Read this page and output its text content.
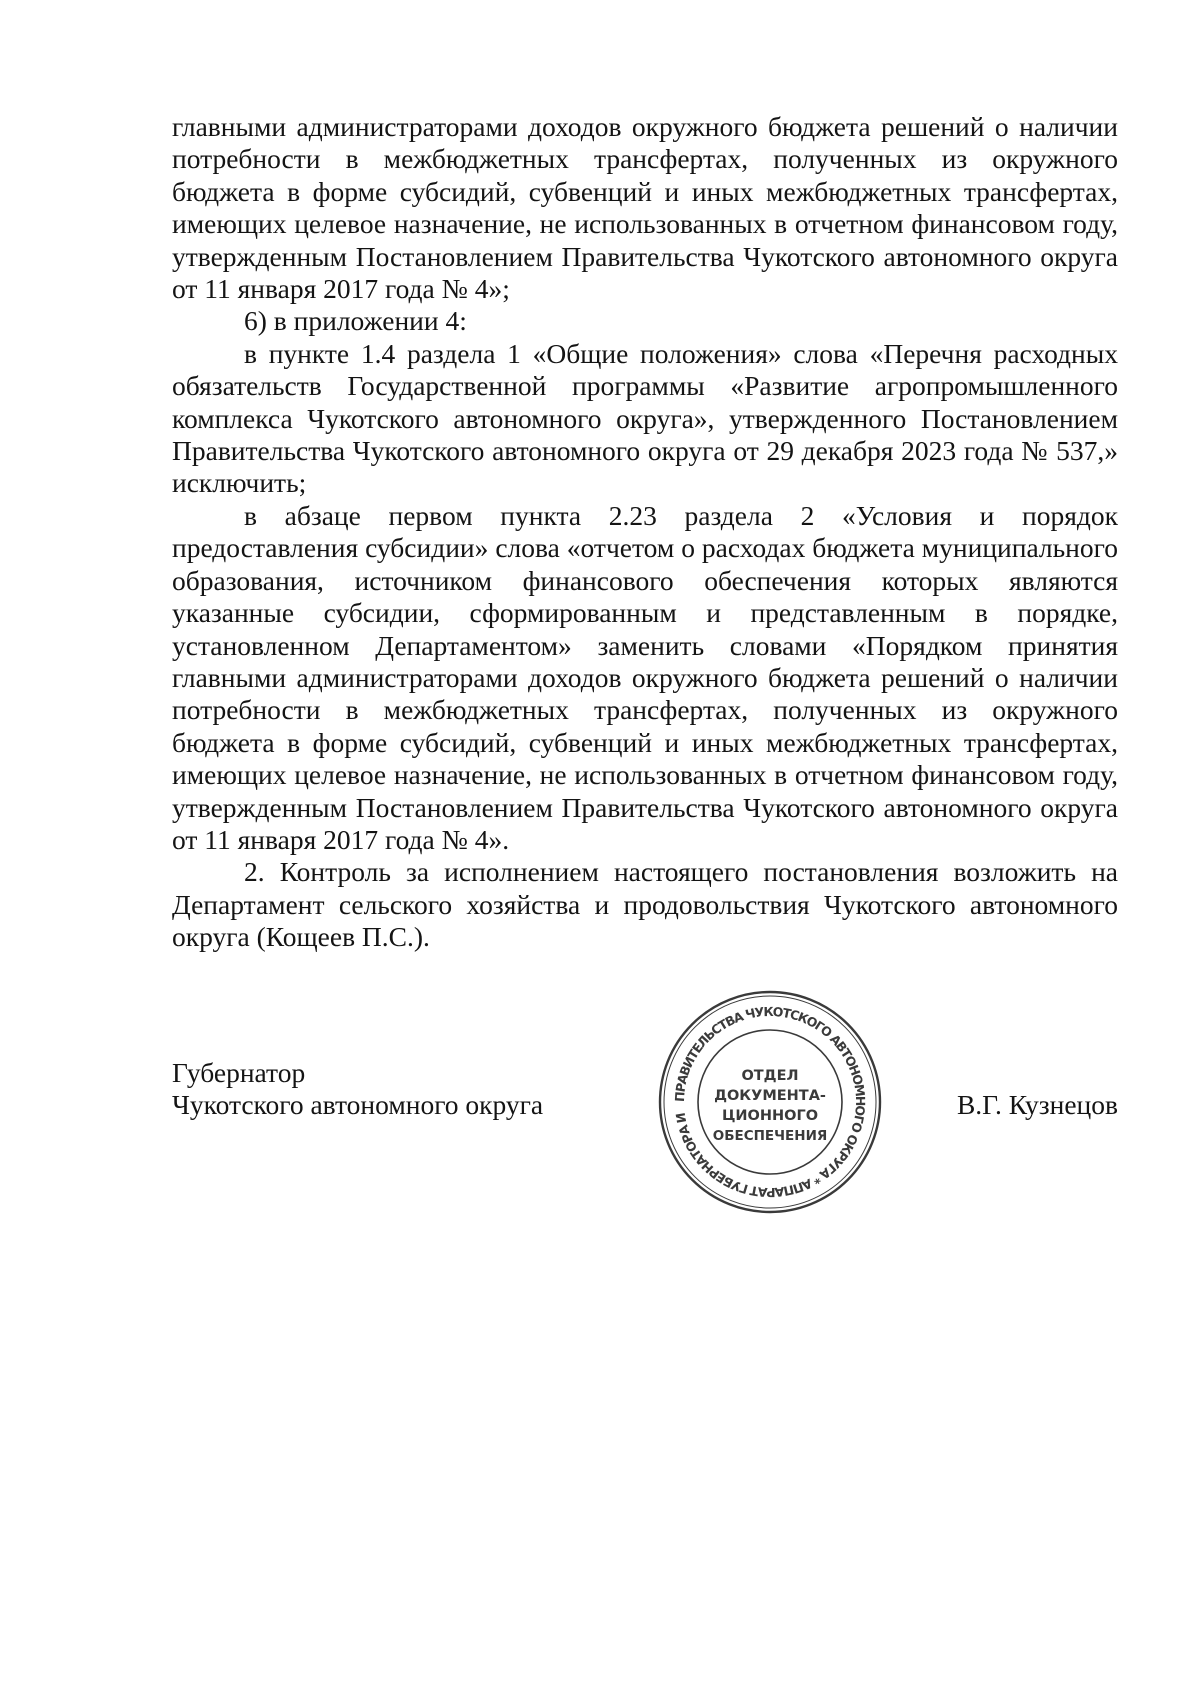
главными администраторами доходов окружного бюджета решений о наличии потребности в межбюджетных трансфертах, полученных из окружного бюджета в форме субсидий, субвенций и иных межбюджетных трансфертах, имеющих целевое назначение, не использованных в отчетном финансовом году, утвержденным Постановлением Правительства Чукотского автономного округа от 11 января 2017 года № 4»;

6) в приложении 4:

в пункте 1.4 раздела 1 «Общие положения» слова «Перечня расходных обязательств Государственной программы «Развитие агропромышленного комплекса Чукотского автономного округа», утвержденного Постановлением Правительства Чукотского автономного округа от 29 декабря 2023 года № 537,» исключить;

в абзаце первом пункта 2.23 раздела 2 «Условия и порядок предоставления субсидии» слова «отчетом о расходах бюджета муниципального образования, источником финансового обеспечения которых являются указанные субсидии, сформированным и представленным в порядке, установленном Департаментом» заменить словами «Порядком принятия главными администраторами доходов окружного бюджета решений о наличии потребности в межбюджетных трансфертах, полученных из окружного бюджета в форме субсидий, субвенций и иных межбюджетных трансфертах, имеющих целевое назначение, не использованных в отчетном финансовом году, утвержденным Постановлением Правительства Чукотского автономного округа от 11 января 2017 года № 4».

2. Контроль за исполнением настоящего постановления возложить на Департамент сельского хозяйства и продовольствия Чукотского автономного округа (Кощеев П.С.).

Губернатор
Чукотского автономного округа	ПРАВИТЕЛЬСТВА ЧУКОТСКОГО АВТОНОМНОГО ОКРУГА * АППАРАТ ГУБЕРНАТОРА И
ОТДЕЛ
ДОКУМЕНТА-
ЦИОННОГО
ОБЕСПЕЧЕНИЯ
В.Г. Кузнецов
